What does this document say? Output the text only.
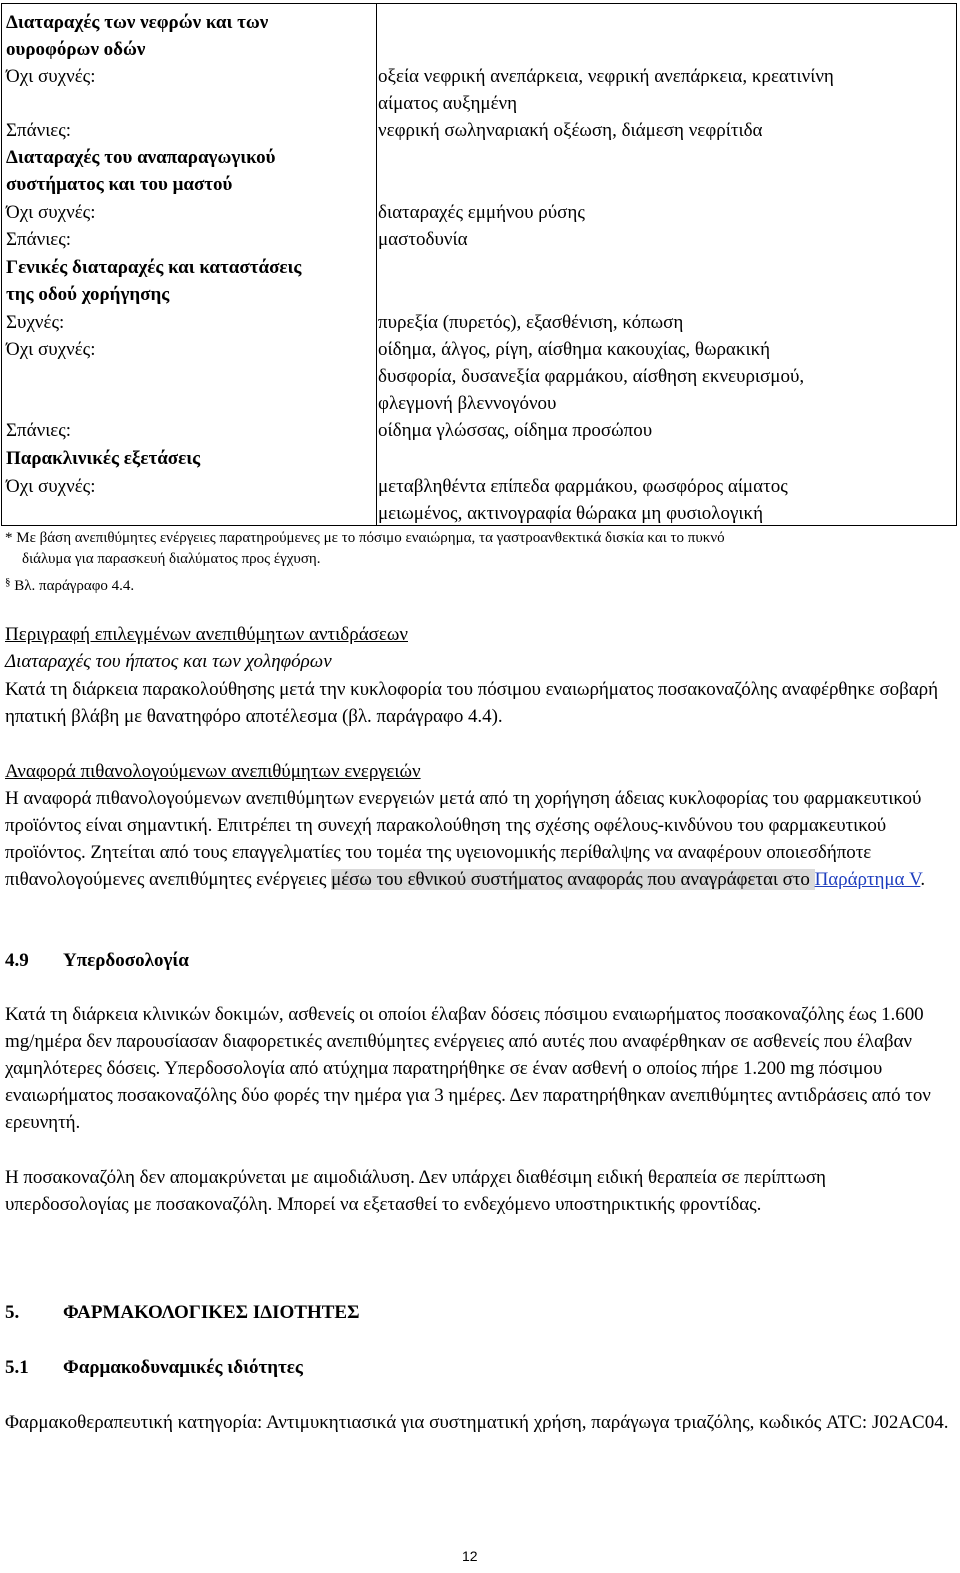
Διαταραχές των νεφρών και των
ουροφόρων οδών
Όχι συχνές:	οξεία νεφρική ανεπάρκεια, νεφρική ανεπάρκεια, κρεατινίνη
αίματος αυξημένη
Σπάνιες:	νεφρική σωληναριακή οξέωση, διάμεση νεφρίτιδα
Διαταραχές του αναπαραγωγικού
συστήματος και του μαστού
Όχι συχνές:	διαταραχές εμμήνου ρύσης
Σπάνιες:	μαστοδυνία
Γενικές διαταραχές και καταστάσεις
της οδού χορήγησης
Συχνές:	πυρεξία (πυρετός), εξασθένιση, κόπωση
Όχι συχνές:	οίδημα, άλγος, ρίγη, αίσθημα κακουχίας, θωρακική
δυσφορία, δυσανεξία φαρμάκου, αίσθηση εκνευρισμού,
φλεγμονή βλεννογόνου
Σπάνιες:	οίδημα γλώσσας, οίδημα προσώπου
Παρακλινικές εξετάσεις
Όχι συχνές:	μεταβληθέντα επίπεδα φαρμάκου, φωσφόρος αίματος
μειωμένος, ακτινογραφία θώρακα μη φυσιολογική
* Με βάση ανεπιθύμητες ενέργειες παρατηρούμενες με το πόσιμο εναιώρημα, τα γαστροανθεκτικά δισκία και το πυκνό
διάλυμα για παρασκευή διαλύματος προς έγχυση.
§ Βλ. παράγραφο 4.4.
Περιγραφή επιλεγμένων ανεπιθύμητων αντιδράσεων
Διαταραχές του ήπατος και των χοληφόρων
Κατά τη διάρκεια παρακολούθησης μετά την κυκλοφορία του πόσιμου εναιωρήματος ποσακοναζόλης αναφέρθηκε σοβαρή ηπατική βλάβη με θανατηφόρο αποτέλεσμα (βλ. παράγραφο 4.4).
Αναφορά πιθανολογούμενων ανεπιθύμητων ενεργειών
Η αναφορά πιθανολογούμενων ανεπιθύμητων ενεργειών μετά από τη χορήγηση άδειας κυκλοφορίας του φαρμακευτικού προϊόντος είναι σημαντική. Επιτρέπει τη συνεχή παρακολούθηση της σχέσης οφέλους-κινδύνου του φαρμακευτικού προϊόντος. Ζητείται από τους επαγγελματίες του τομέα της υγειονομικής περίθαλψης να αναφέρουν οποιεσδήποτε πιθανολογούμενες ανεπιθύμητες ενέργειες μέσω του εθνικού συστήματος αναφοράς που αναγράφεται στο Παράρτημα V.
4.9 Υπερδοσολογία
Κατά τη διάρκεια κλινικών δοκιμών, ασθενείς οι οποίοι έλαβαν δόσεις πόσιμου εναιωρήματος ποσακοναζόλης έως 1.600 mg/ημέρα δεν παρουσίασαν διαφορετικές ανεπιθύμητες ενέργειες από αυτές που αναφέρθηκαν σε ασθενείς που έλαβαν χαμηλότερες δόσεις. Υπερδοσολογία από ατύχημα παρατηρήθηκε σε έναν ασθενή ο οποίος πήρε 1.200 mg πόσιμου εναιωρήματος ποσακοναζόλης δύο φορές την ημέρα για 3 ημέρες. Δεν παρατηρήθηκαν ανεπιθύμητες αντιδράσεις από τον ερευνητή.
Η ποσακοναζόλη δεν απομακρύνεται με αιμοδιάλυση. Δεν υπάρχει διαθέσιμη ειδική θεραπεία σε περίπτωση υπερδοσολογίας με ποσακοναζόλη. Μπορεί να εξετασθεί το ενδεχόμενο υποστηρικτικής φροντίδας.
5. ΦΑΡΜΑΚΟΛΟΓΙΚΕΣ ΙΔΙΟΤΗΤΕΣ
5.1 Φαρμακοδυναμικές ιδιότητες
Φαρμακοθεραπευτική κατηγορία: Αντιμυκητιασικά για συστηματική χρήση, παράγωγα τριαζόλης, κωδικός ATC: J02AC04.
12
